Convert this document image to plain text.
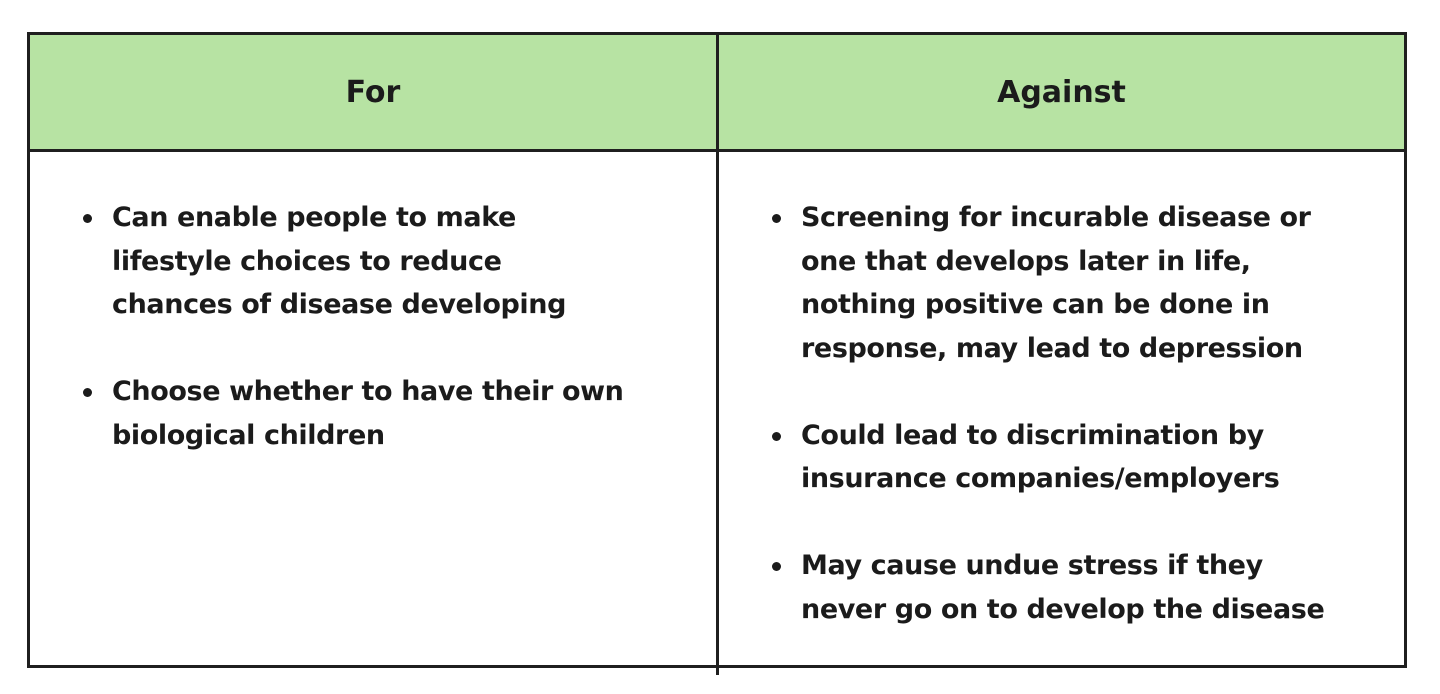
For	Against
Can enable people to make
lifestyle choices to reduce
chances of disease developing
Choose whether to have their own
biological children
Screening for incurable disease or
one that develops later in life,
nothing positive can be done in
response, may lead to depression
Could lead to discrimination by
insurance companies/employers
May cause undue stress if they
never go on to develop the disease
